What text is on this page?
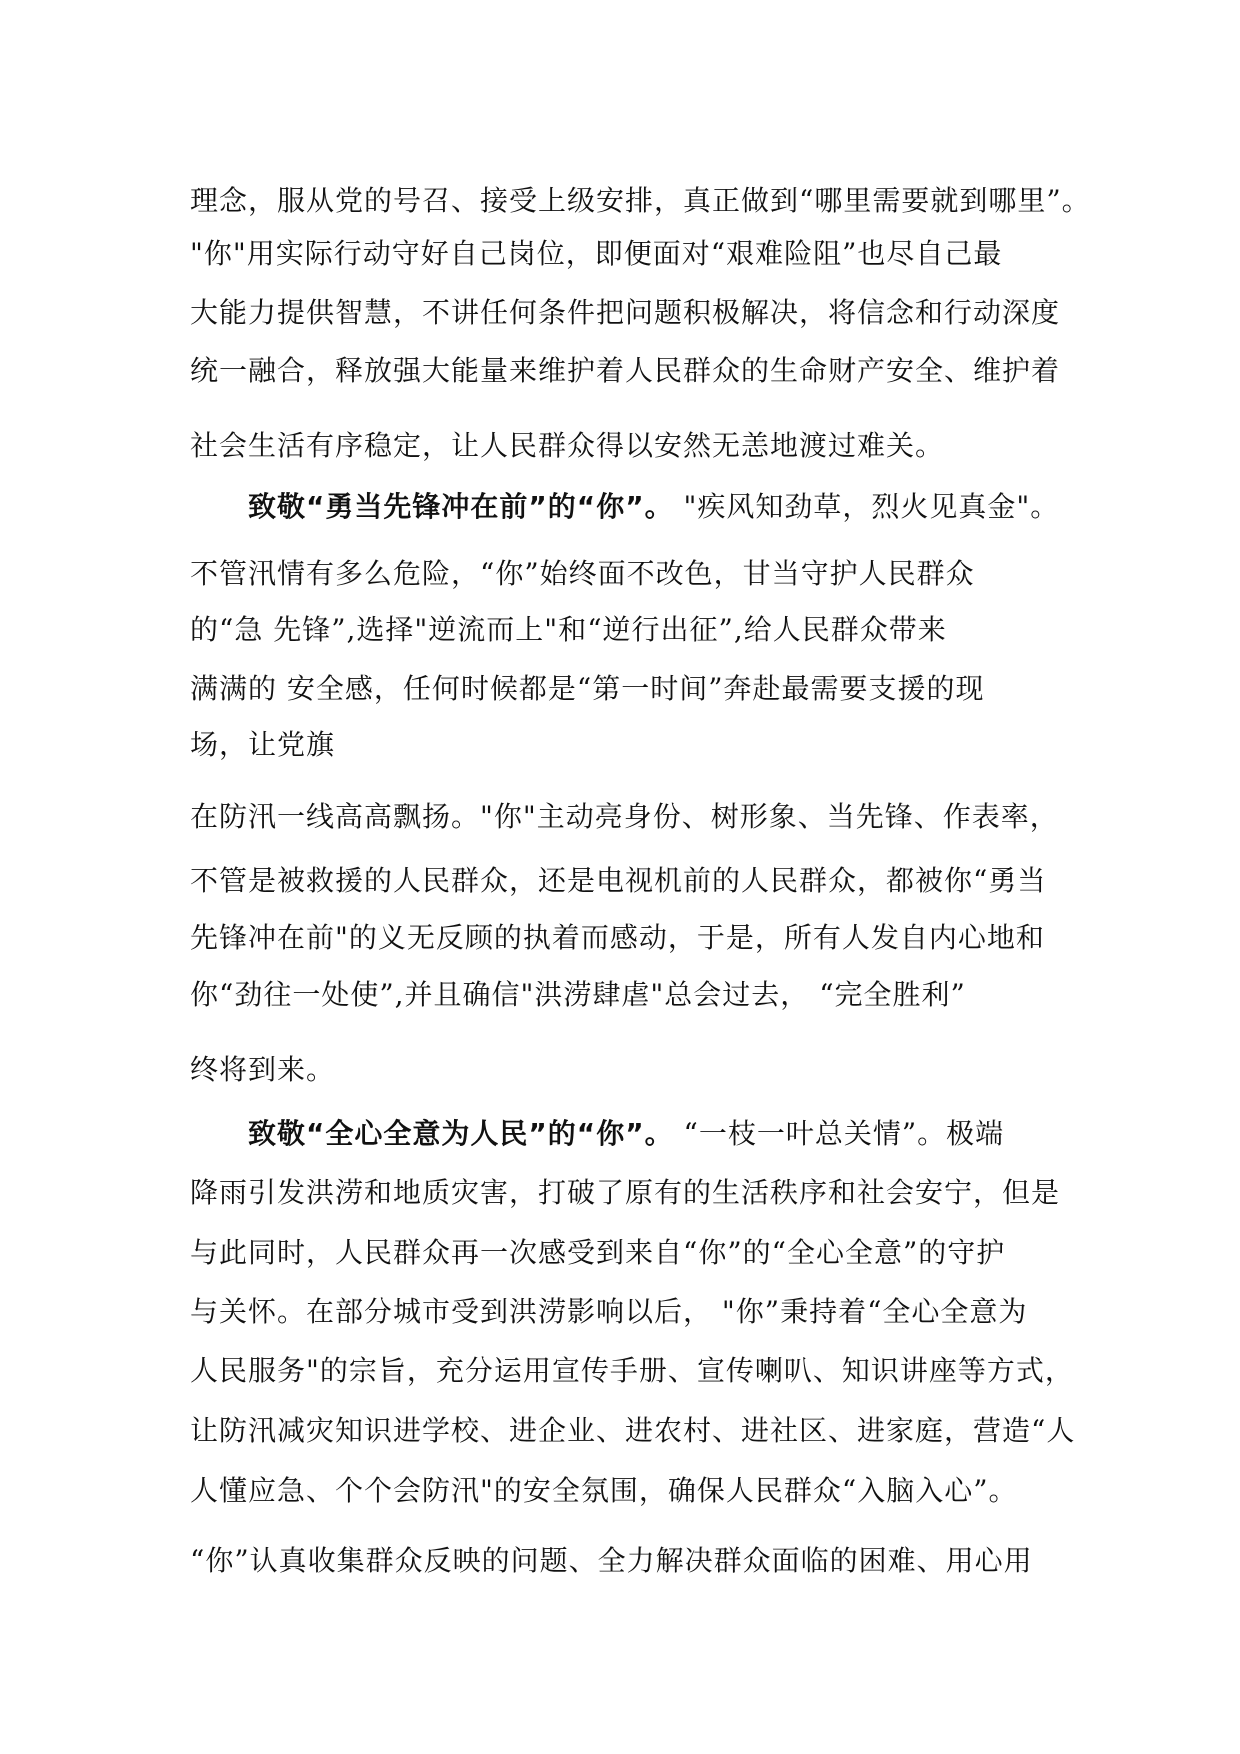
理念，服从党的号召、接受上级安排，真正做到“哪里需要就到哪里”。
"你"用实际行动守好自己岗位，即便面对“艰难险阻”也尽自己最
大能力提供智慧，不讲任何条件把问题积极解决，将信念和行动深度
统一融合，释放强大能量来维护着人民群众的生命财产安全、维护着
社会生活有序稳定，让人民群众得以安然无恙地渡过难关。
致敬“勇当先锋冲在前”的“你”。 "疾风知劲草，烈火见真金"。
不管汛情有多么危险，“你”始终面不改色，甘当守护人民群众
的“急 先锋”,选择"逆流而上"和“逆行出征”,给人民群众带来
满满的 安全感，任何时候都是“第一时间”奔赴最需要支援的现
场，让党旗
在防汛一线高高飘扬。"你"主动亮身份、树形象、当先锋、作表率，
不管是被救援的人民群众，还是电视机前的人民群众，都被你“勇当
先锋冲在前"的义无反顾的执着而感动，于是，所有人发自内心地和
你“劲往一处使”,并且确信"洪涝肆虐"总会过去， “完全胜利”
终将到来。
致敬“全心全意为人民”的“你”。 “一枝一叶总关情”。极端
降雨引发洪涝和地质灾害，打破了原有的生活秩序和社会安宁，但是
与此同时，人民群众再一次感受到来自“你”的“全心全意”的守护
与关怀。在部分城市受到洪涝影响以后， "你”秉持着“全心全意为
人民服务"的宗旨，充分运用宣传手册、宣传喇叭、知识讲座等方式，
让防汛减灾知识进学校、进企业、进农村、进社区、进家庭，营造“人
人懂应急、个个会防汛"的安全氛围，确保人民群众“入脑入心”。
“你”认真收集群众反映的问题、全力解决群众面临的困难、用心用
